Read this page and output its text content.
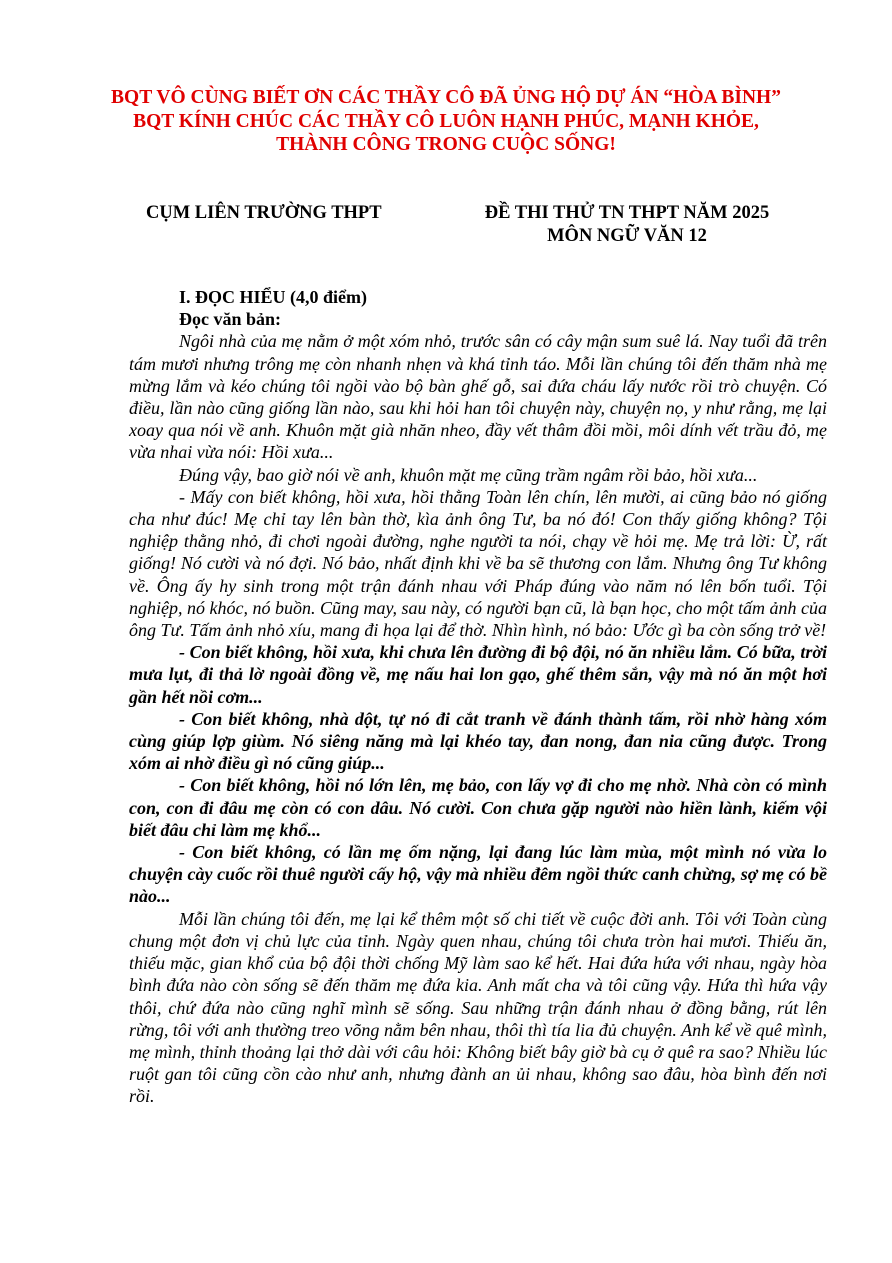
BQT VÔ CÙNG BIẾT ƠN CÁC THẦY CÔ ĐÃ ỦNG HỘ DỰ ÁN “HÒA BÌNH”
BQT KÍNH CHÚC CÁC THẦY CÔ LUÔN HẠNH PHÚC, MẠNH KHỎE,
THÀNH CÔNG TRONG CUỘC SỐNG!
CỤM LIÊN TRƯỜNG THPT	ĐỀ THI THỬ TN THPT NĂM 2025
MÔN NGỮ VĂN 12

I. ĐỌC HIỂU (4,0 điểm)

Đọc văn bản:

Ngôi nhà của mẹ nằm ở một xóm nhỏ, trước sân có cây mận sum suê lá. Nay tuổi đã trên tám mươi nhưng trông mẹ còn nhanh nhẹn và khá tỉnh táo. Mỗi lần chúng tôi đến thăm nhà mẹ mừng lắm và kéo chúng tôi ngồi vào bộ bàn ghế gỗ, sai đứa cháu lấy nước rồi trò chuyện. Có điều, lần nào cũng giống lần nào, sau khi hỏi han tôi chuyện này, chuyện nọ, y như rằng, mẹ lại xoay qua nói về anh. Khuôn mặt già nhăn nheo, đầy vết thâm đồi mồi, môi dính vết trầu đỏ, mẹ vừa nhai vừa nói: Hồi xưa...

Đúng vậy, bao giờ nói về anh, khuôn mặt mẹ cũng trầm ngâm rồi bảo, hồi xưa...

- Mấy con biết không, hồi xưa, hồi thằng Toàn lên chín, lên mười, ai cũng bảo nó giống cha như đúc! Mẹ chỉ tay lên bàn thờ, kìa ảnh ông Tư, ba nó đó! Con thấy giống không? Tội nghiệp thằng nhỏ, đi chơi ngoài đường, nghe người ta nói, chạy về hỏi mẹ. Mẹ trả lời: Ừ, rất giống! Nó cười và nó đợi. Nó bảo, nhất định khi về ba sẽ thương con lắm. Nhưng ông Tư không về. Ông ấy hy sinh trong một trận đánh nhau với Pháp đúng vào năm nó lên bốn tuổi. Tội nghiệp, nó khóc, nó buồn. Cũng may, sau này, có người bạn cũ, là bạn học, cho một tấm ảnh của ông Tư. Tấm ảnh nhỏ xíu, mang đi họa lại để thờ. Nhìn hình, nó bảo: Ước gì ba còn sống trở về!

- Con biết không, hồi xưa, khi chưa lên đường đi bộ đội, nó ăn nhiều lắm. Có bữa, trời mưa lụt, đi thả lờ ngoài đồng về, mẹ nấu hai lon gạo, ghế thêm sắn, vậy mà nó ăn một hơi gần hết nồi cơm...

- Con biết không, nhà dột, tự nó đi cắt tranh về đánh thành tấm, rồi nhờ hàng xóm cùng giúp lợp giùm. Nó siêng năng mà lại khéo tay, đan nong, đan nia cũng được. Trong xóm ai nhờ điều gì nó cũng giúp...

- Con biết không, hồi nó lớn lên, mẹ bảo, con lấy vợ đi cho mẹ nhờ. Nhà còn có mình con, con đi đâu mẹ còn có con dâu. Nó cười. Con chưa gặp người nào hiền lành, kiếm vội biết đâu chỉ làm mẹ khổ...

- Con biết không, có lần mẹ ốm nặng, lại đang lúc làm mùa, một mình nó vừa lo chuyện cày cuốc rồi thuê người cấy hộ, vậy mà nhiều đêm ngồi thức canh chừng, sợ mẹ có bề nào...

Mỗi lần chúng tôi đến, mẹ lại kể thêm một số chi tiết về cuộc đời anh. Tôi với Toàn cùng chung một đơn vị chủ lực của tỉnh. Ngày quen nhau, chúng tôi chưa tròn hai mươi. Thiếu ăn, thiếu mặc, gian khổ của bộ đội thời chống Mỹ làm sao kể hết. Hai đứa hứa với nhau, ngày hòa bình đứa nào còn sống sẽ đến thăm mẹ đứa kia. Anh mất cha và tôi cũng vậy. Hứa thì hứa vậy thôi, chứ đứa nào cũng nghĩ mình sẽ sống. Sau những trận đánh nhau ở đồng bằng, rút lên rừng, tôi với anh thường treo võng nằm bên nhau, thôi thì tía lia đủ chuyện. Anh kể về quê mình, mẹ mình, thỉnh thoảng lại thở dài với câu hỏi: Không biết bây giờ bà cụ ở quê ra sao? Nhiều lúc ruột gan tôi cũng cồn cào như anh, nhưng đành an ủi nhau, không sao đâu, hòa bình đến nơi rồi.
